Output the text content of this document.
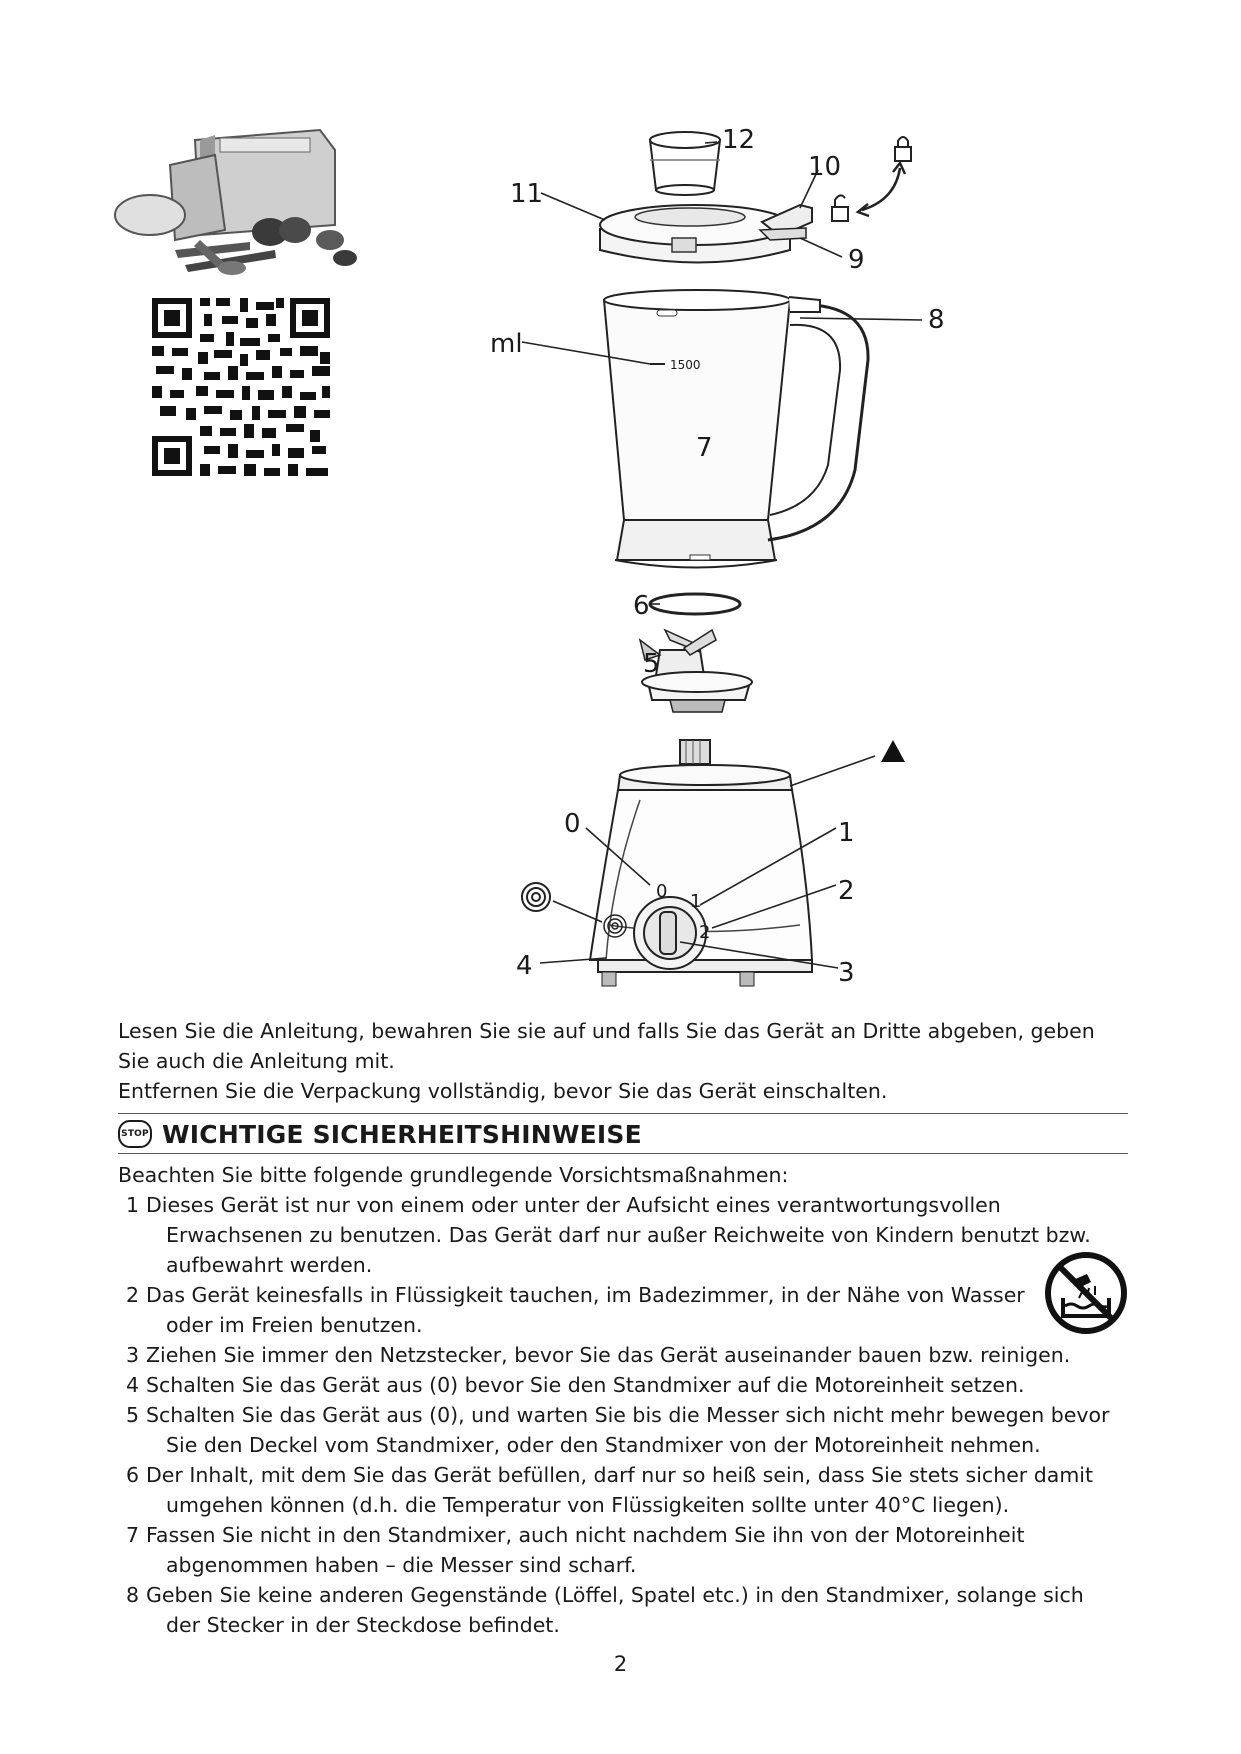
12
10
11
9
8
ml
1500
7
6
5
0	1
2
3
4
0 1
2

Lesen Sie die Anleitung, bewahren Sie sie auf und falls Sie das Gerät an Dritte abgeben, geben

Sie auch die Anleitung mit.

Entfernen Sie die Verpackung vollständig, bevor Sie das Gerät einschalten.

STOP WICHTIGE SICHERHEITSHINWEISE

Beachten Sie bitte folgende grundlegende Vorsichtsmaßnahmen:

1 Dieses Gerät ist nur von einem oder unter der Aufsicht eines verantwortungsvollen
Erwachsenen zu benutzen. Das Gerät darf nur außer Reichweite von Kindern benutzt bzw.
aufbewahrt werden.
2 Das Gerät keinesfalls in Flüssigkeit tauchen, im Badezimmer, in der Nähe von Wasser
oder im Freien benutzen.
3 Ziehen Sie immer den Netzstecker, bevor Sie das Gerät auseinander bauen bzw. reinigen.
4 Schalten Sie das Gerät aus (0) bevor Sie den Standmixer auf die Motoreinheit setzen.
5 Schalten Sie das Gerät aus (0), und warten Sie bis die Messer sich nicht mehr bewegen bevor
Sie den Deckel vom Standmixer, oder den Standmixer von der Motoreinheit nehmen.
6 Der Inhalt, mit dem Sie das Gerät befüllen, darf nur so heiß sein, dass Sie stets sicher damit
umgehen können (d.h. die Temperatur von Flüssigkeiten sollte unter 40°C liegen).
7 Fassen Sie nicht in den Standmixer, auch nicht nachdem Sie ihn von der Motoreinheit
abgenommen haben – die Messer sind scharf.
8 Geben Sie keine anderen Gegenstände (Löffel, Spatel etc.) in den Standmixer, solange sich
der Stecker in der Steckdose befindet.
2
